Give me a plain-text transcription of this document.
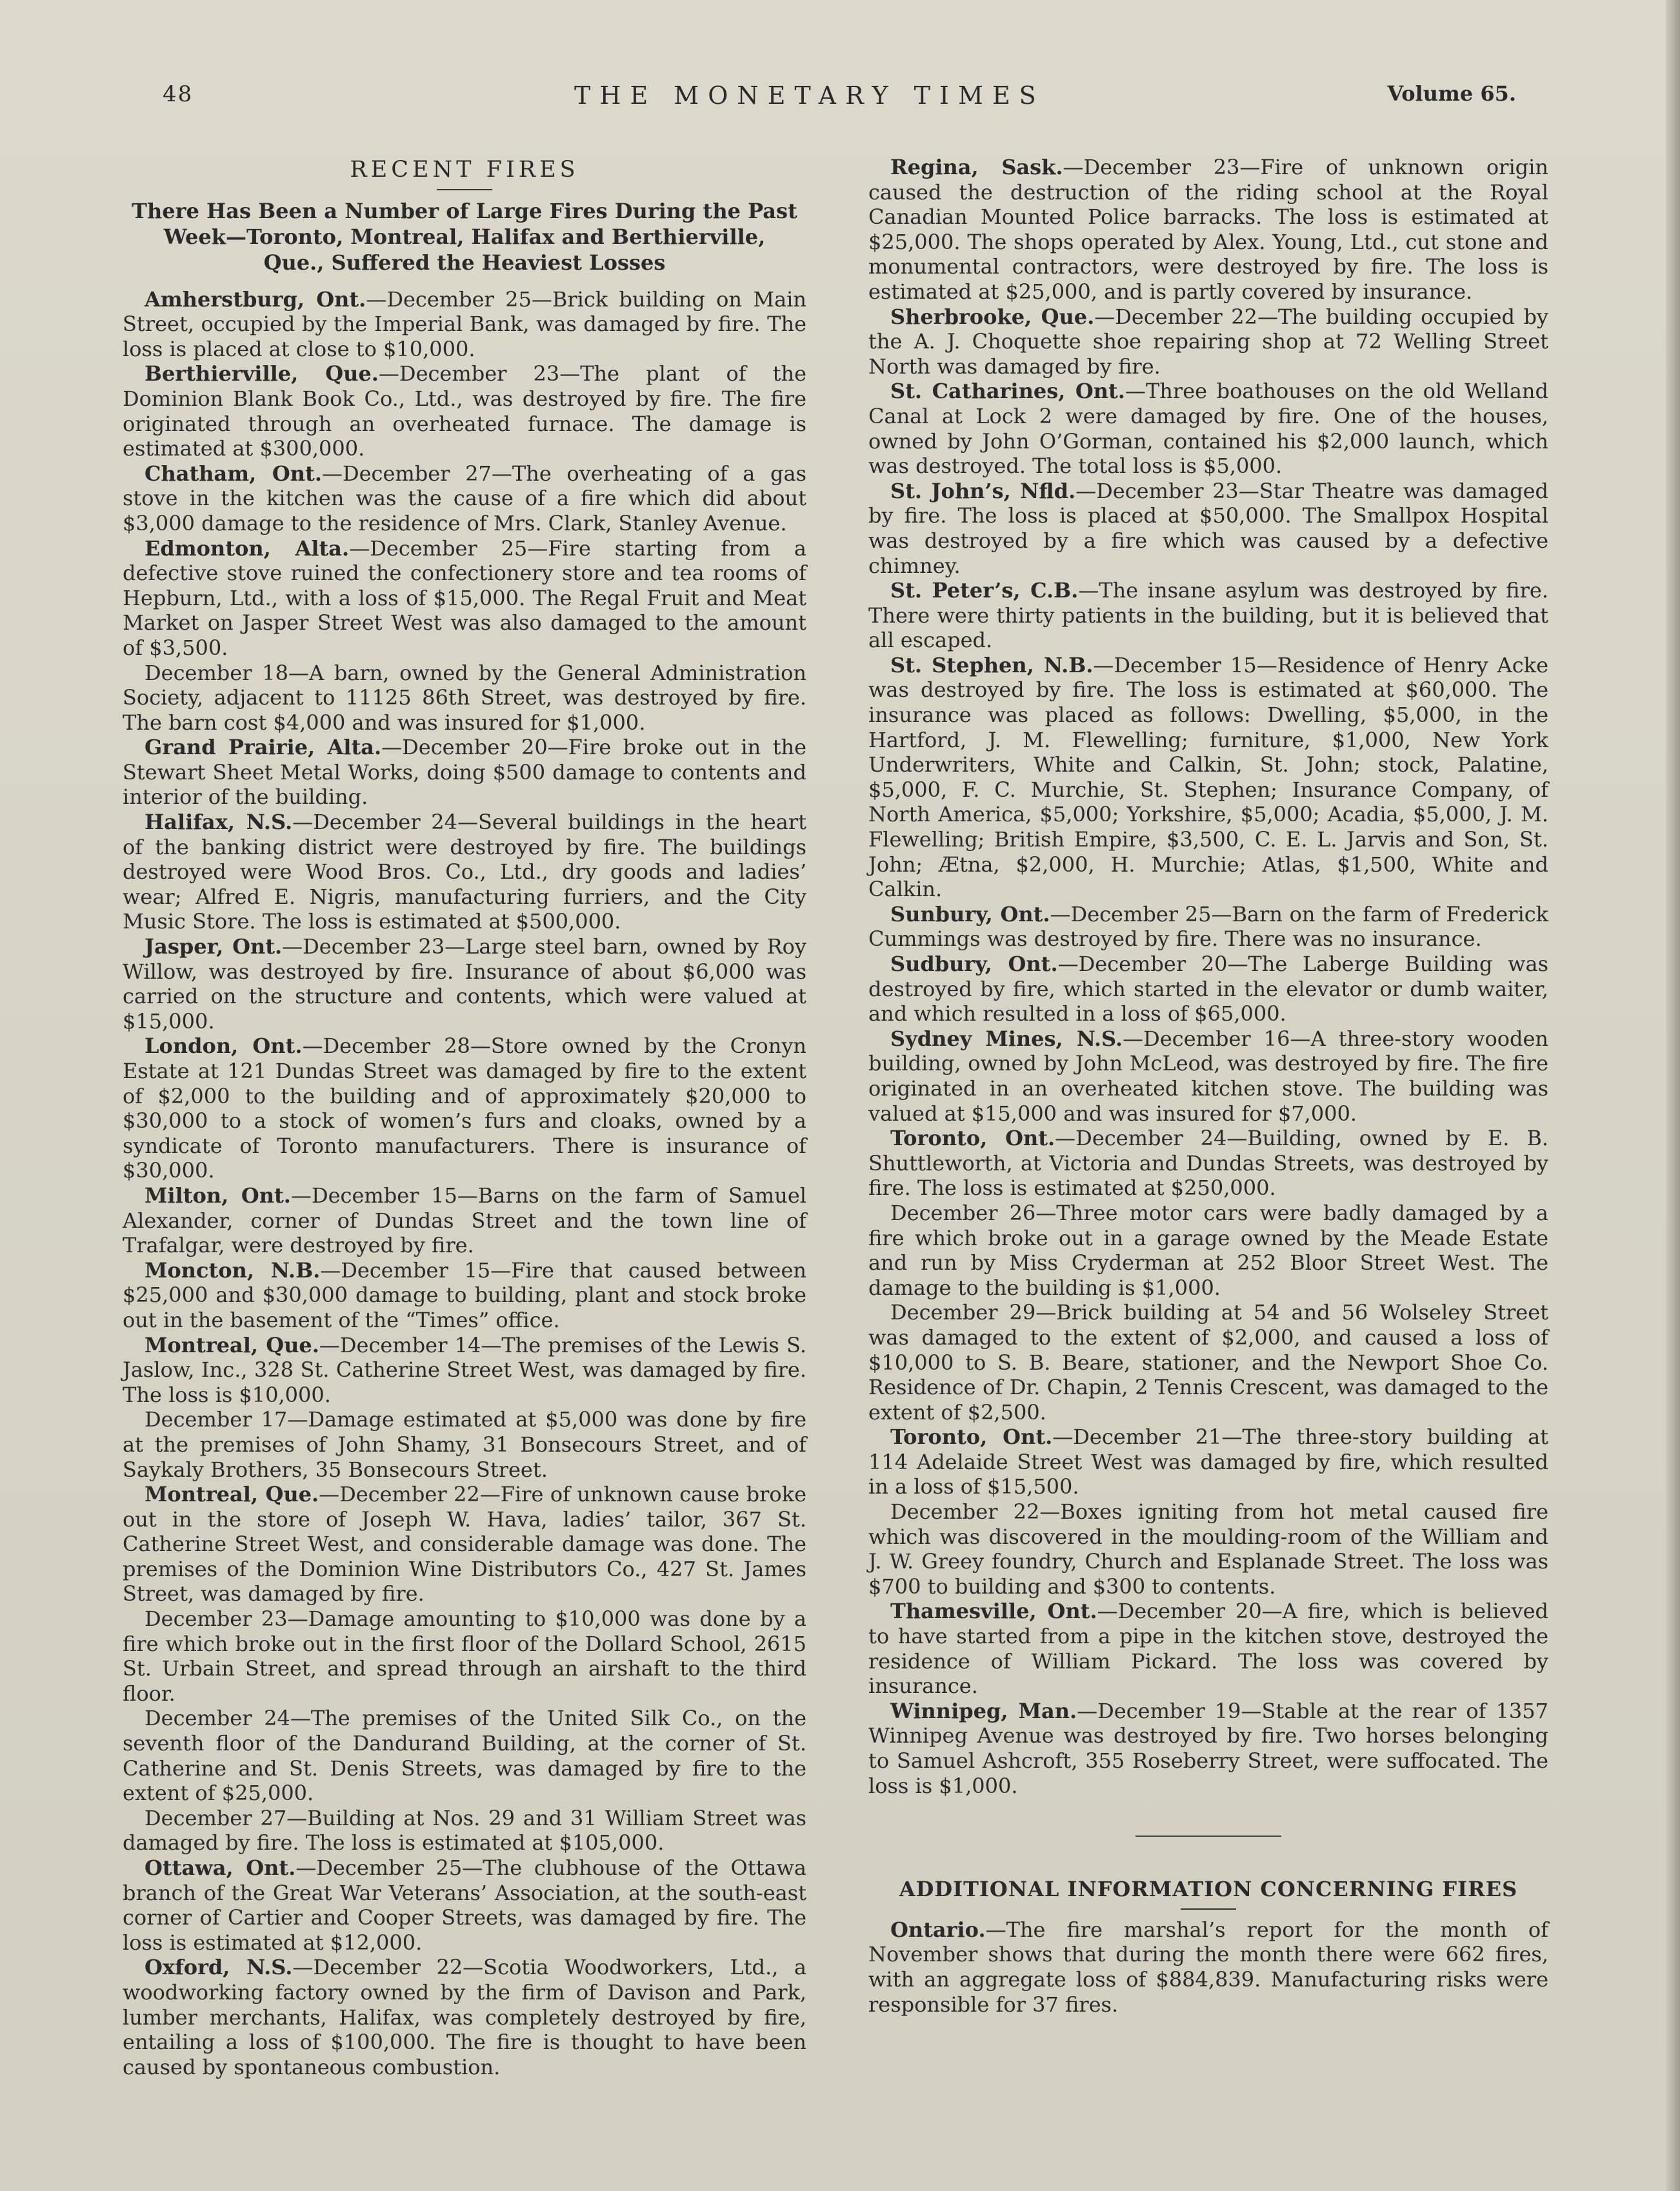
48	THE MONETARY TIMES	Volume 65.
RECENT FIRES
There Has Been a Number of Large Fires During the Past
Week—Toronto, Montreal, Halifax and Berthierville,
Que., Suffered the Heaviest Losses

Amherstburg, Ont.—December 25—Brick building on Main Street, occupied by the Imperial Bank, was damaged by fire. The loss is placed at close to $10,000.

Berthierville, Que.—December 23—The plant of the Dominion Blank Book Co., Ltd., was destroyed by fire. The fire originated through an overheated furnace. The damage is estimated at $300,000.

Chatham, Ont.—December 27—The overheating of a gas stove in the kitchen was the cause of a fire which did about $3,000 damage to the residence of Mrs. Clark, Stanley Avenue.

Edmonton, Alta.—December 25—Fire starting from a defective stove ruined the confectionery store and tea rooms of Hepburn, Ltd., with a loss of $15,000. The Regal Fruit and Meat Market on Jasper Street West was also damaged to the amount of $3,500.

December 18—A barn, owned by the General Administration Society, adjacent to 11125 86th Street, was destroyed by fire. The barn cost $4,000 and was insured for $1,000.

Grand Prairie, Alta.—December 20—Fire broke out in the Stewart Sheet Metal Works, doing $500 damage to contents and interior of the building.

Halifax, N.S.—December 24—Several buildings in the heart of the banking district were destroyed by fire. The buildings destroyed were Wood Bros. Co., Ltd., dry goods and ladies’ wear; Alfred E. Nigris, manufacturing furriers, and the City Music Store. The loss is estimated at $500,000.

Jasper, Ont.—December 23—Large steel barn, owned by Roy Willow, was destroyed by fire. Insurance of about $6,000 was carried on the structure and contents, which were valued at $15,000.

London, Ont.—December 28—Store owned by the Cronyn Estate at 121 Dundas Street was damaged by fire to the extent of $2,000 to the building and of approximately $20,000 to $30,000 to a stock of women’s furs and cloaks, owned by a syndicate of Toronto manufacturers. There is insurance of $30,000.

Milton, Ont.—December 15—Barns on the farm of Samuel Alexander, corner of Dundas Street and the town line of Trafalgar, were destroyed by fire.

Moncton, N.B.—December 15—Fire that caused between $25,000 and $30,000 damage to building, plant and stock broke out in the basement of the “Times” office.

Montreal, Que.—December 14—The premises of the Lewis S. Jaslow, Inc., 328 St. Catherine Street West, was damaged by fire. The loss is $10,000.

December 17—Damage estimated at $5,000 was done by fire at the premises of John Shamy, 31 Bonsecours Street, and of Saykaly Brothers, 35 Bonsecours Street.

Montreal, Que.—December 22—Fire of unknown cause broke out in the store of Joseph W. Hava, ladies’ tailor, 367 St. Catherine Street West, and considerable damage was done. The premises of the Dominion Wine Distributors Co., 427 St. James Street, was damaged by fire.

December 23—Damage amounting to $10,000 was done by a fire which broke out in the first floor of the Dollard School, 2615 St. Urbain Street, and spread through an airshaft to the third floor.

December 24—The premises of the United Silk Co., on the seventh floor of the Dandurand Building, at the corner of St. Catherine and St. Denis Streets, was damaged by fire to the extent of $25,000.

December 27—Building at Nos. 29 and 31 William Street was damaged by fire. The loss is estimated at $105,000.

Ottawa, Ont.—December 25—The clubhouse of the Ottawa branch of the Great War Veterans’ Association, at the south-east corner of Cartier and Cooper Streets, was damaged by fire. The loss is estimated at $12,000.

Oxford, N.S.—December 22—Scotia Woodworkers, Ltd., a woodworking factory owned by the firm of Davison and Park, lumber merchants, Halifax, was completely destroyed by fire, entailing a loss of $100,000. The fire is thought to have been caused by spontaneous combustion.

Regina, Sask.—December 23—Fire of unknown origin caused the destruction of the riding school at the Royal Canadian Mounted Police barracks. The loss is estimated at $25,000. The shops operated by Alex. Young, Ltd., cut stone and monumental contractors, were destroyed by fire. The loss is estimated at $25,000, and is partly covered by insurance.

Sherbrooke, Que.—December 22—The building occupied by the A. J. Choquette shoe repairing shop at 72 Welling Street North was damaged by fire.

St. Catharines, Ont.—Three boathouses on the old Welland Canal at Lock 2 were damaged by fire. One of the houses, owned by John O’Gorman, contained his $2,000 launch, which was destroyed. The total loss is $5,000.

St. John’s, Nfld.—December 23—Star Theatre was damaged by fire. The loss is placed at $50,000. The Smallpox Hospital was destroyed by a fire which was caused by a defective chimney.

St. Peter’s, C.B.—The insane asylum was destroyed by fire. There were thirty patients in the building, but it is believed that all escaped.

St. Stephen, N.B.—December 15—Residence of Henry Acke was destroyed by fire. The loss is estimated at $60,000. The insurance was placed as follows: Dwelling, $5,000, in the Hartford, J. M. Flewelling; furniture, $1,000, New York Underwriters, White and Calkin, St. John; stock, Palatine, $5,000, F. C. Murchie, St. Stephen; Insurance Company, of North America, $5,000; Yorkshire, $5,000; Acadia, $5,000, J. M. Flewelling; British Empire, $3,500, C. E. L. Jarvis and Son, St. John; Ætna, $2,000, H. Murchie; Atlas, $1,500, White and Calkin.

Sunbury, Ont.—December 25—Barn on the farm of Frederick Cummings was destroyed by fire. There was no insurance.

Sudbury, Ont.—December 20—The Laberge Building was destroyed by fire, which started in the elevator or dumb waiter, and which resulted in a loss of $65,000.

Sydney Mines, N.S.—December 16—A three-story wooden building, owned by John McLeod, was destroyed by fire. The fire originated in an overheated kitchen stove. The building was valued at $15,000 and was insured for $7,000.

Toronto, Ont.—December 24—Building, owned by E. B. Shuttleworth, at Victoria and Dundas Streets, was destroyed by fire. The loss is estimated at $250,000.

December 26—Three motor cars were badly damaged by a fire which broke out in a garage owned by the Meade Estate and run by Miss Cryderman at 252 Bloor Street West. The damage to the building is $1,000.

December 29—Brick building at 54 and 56 Wolseley Street was damaged to the extent of $2,000, and caused a loss of $10,000 to S. B. Beare, stationer, and the Newport Shoe Co. Residence of Dr. Chapin, 2 Tennis Crescent, was damaged to the extent of $2,500.

Toronto, Ont.—December 21—The three-story building at 114 Adelaide Street West was damaged by fire, which resulted in a loss of $15,500.

December 22—Boxes igniting from hot metal caused fire which was discovered in the moulding-room of the William and J. W. Greey foundry, Church and Esplanade Street. The loss was $700 to building and $300 to contents.

Thamesville, Ont.—December 20—A fire, which is believed to have started from a pipe in the kitchen stove, destroyed the residence of William Pickard. The loss was covered by insurance.

Winnipeg, Man.—December 19—Stable at the rear of 1357 Winnipeg Avenue was destroyed by fire. Two horses belonging to Samuel Ashcroft, 355 Roseberry Street, were suffocated. The loss is $1,000.

ADDITIONAL INFORMATION CONCERNING FIRES

Ontario.—The fire marshal’s report for the month of November shows that during the month there were 662 fires, with an aggregate loss of $884,839. Manufacturing risks were responsible for 37 fires.
